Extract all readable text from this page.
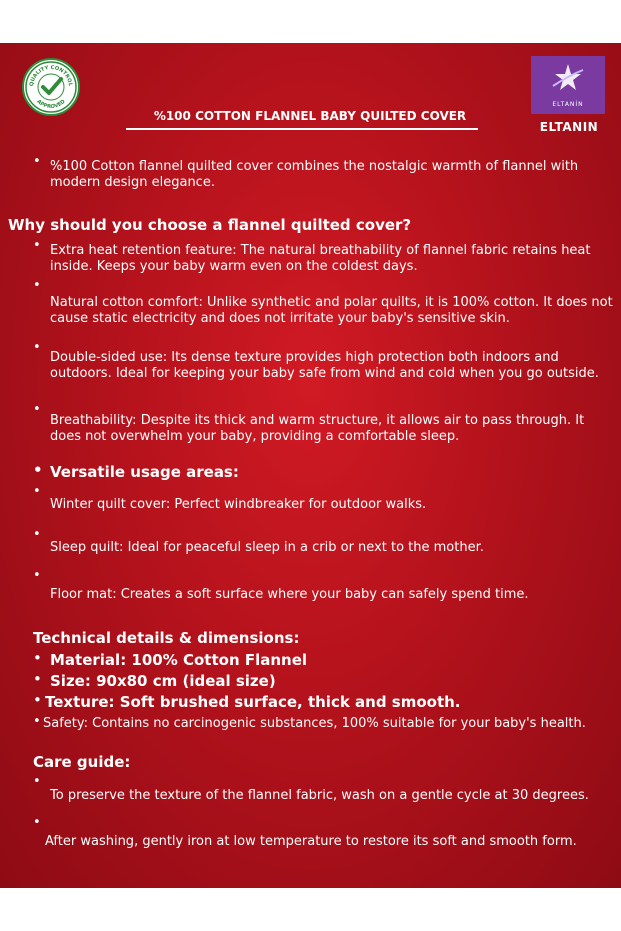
QUALITY CONTROL
APPROVED	ELTANİN
ELTANIN
%100 COTTON FLANNEL BABY QUILTED COVER
• %100 Cotton flannel quilted cover combines the nostalgic warmth of flannel with modern design elegance.
Why should you choose a flannel quilted cover?
• Extra heat retention feature: The natural breathability of flannel fabric retains heat inside. Keeps your baby warm even on the coldest days.
•
Natural cotton comfort: Unlike synthetic and polar quilts, it is 100% cotton. It does not cause static electricity and does not irritate your baby's sensitive skin.
•
Double-sided use: Its dense texture provides high protection both indoors and outdoors. Ideal for keeping your baby safe from wind and cold when you go outside.
•
Breathability: Despite its thick and warm structure, it allows air to pass through. It does not overwhelm your baby, providing a comfortable sleep.
• Versatile usage areas:
•
Winter quilt cover: Perfect windbreaker for outdoor walks.
•
Sleep quilt: Ideal for peaceful sleep in a crib or next to the mother.
•
Floor mat: Creates a soft surface where your baby can safely spend time.
Technical details & dimensions:
• Material: 100% Cotton Flannel
• Size: 90x80 cm (ideal size)
• Texture: Soft brushed surface, thick and smooth.
• Safety: Contains no carcinogenic substances, 100% suitable for your baby's health.
Care guide:
•
To preserve the texture of the flannel fabric, wash on a gentle cycle at 30 degrees.
•
After washing, gently iron at low temperature to restore its soft and smooth form.
